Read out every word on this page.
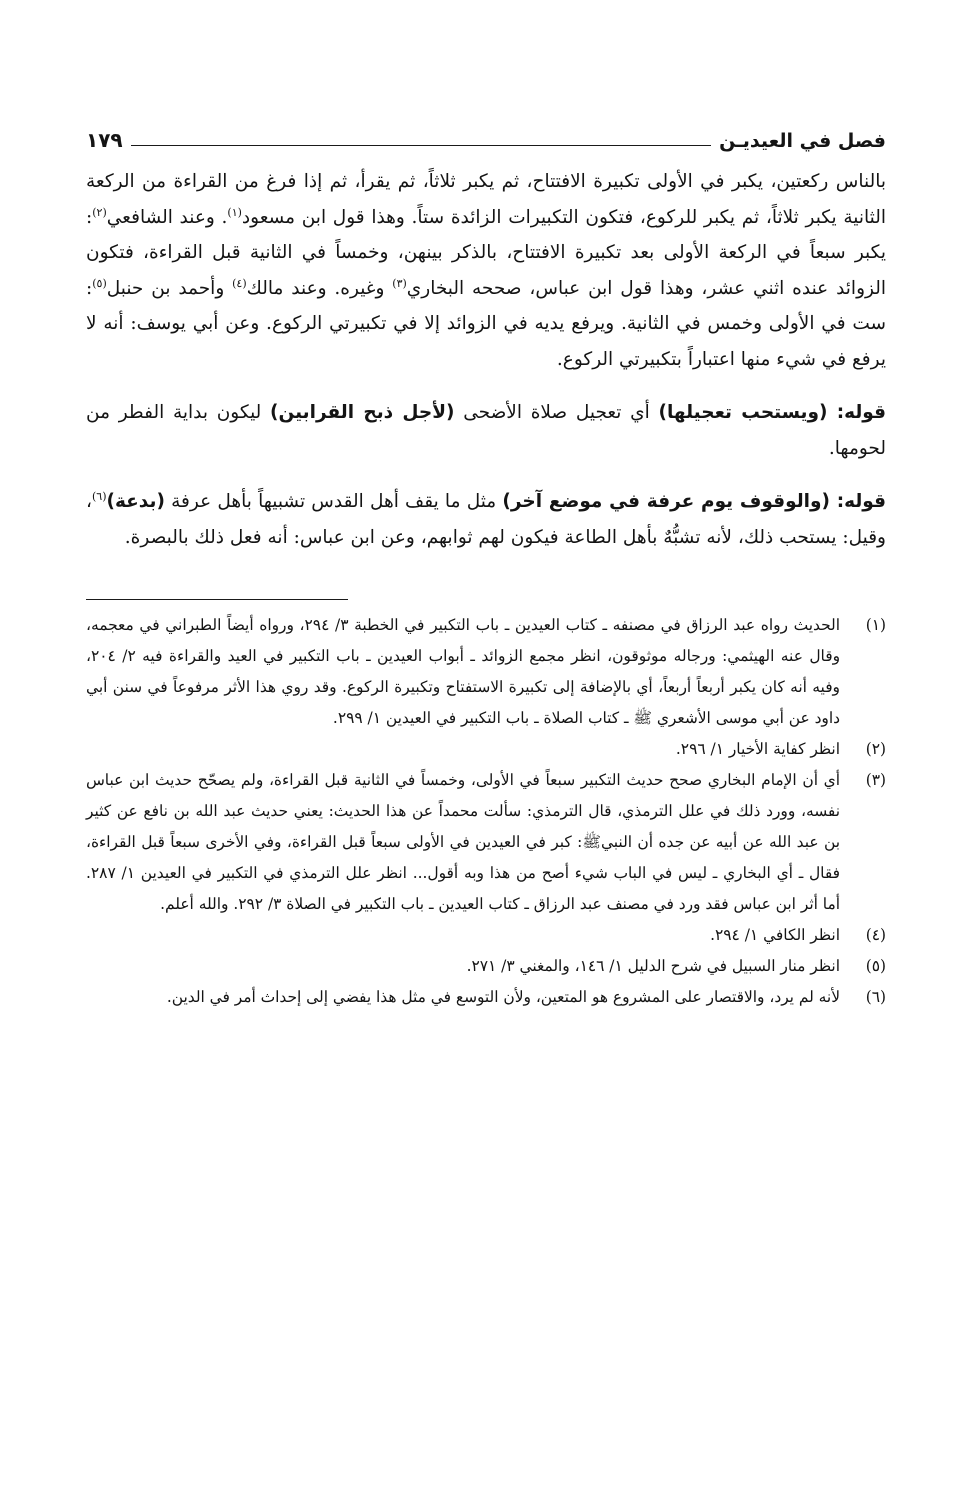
فصل في العيديـن
١٧٩

بالناس ركعتين، يكبر في الأولى تكبيرة الافتتاح، ثم يكبر ثلاثاً، ثم يقرأ، ثم إذا فرغ من القراءة من الركعة الثانية يكبر ثلاثاً، ثم يكبر للركوع، فتكون التكبيرات الزائدة ستاً. وهذا قول ابن مسعود$^{(١)}$. وعند الشافعي$^{(٢)}$: يكبر سبعاً في الركعة الأولى بعد تكبيرة الافتتاح، بالذكر بينهن، وخمساً في الثانية قبل القراءة، فتكون الزوائد عنده اثني عشر، وهذا قول ابن عباس، صححه البخاري$^{(٣)}$ وغيره. وعند مالك$^{(٤)}$ وأحمد بن حنبل$^{(٥)}$: ست في الأولى وخمس في الثانية. ويرفع يديه في الزوائد إلا في تكبيرتي الركوع. وعن أبي يوسف: أنه لا يرفع في شيء منها اعتباراً بتكبيرتي الركوع.

قوله: (ويستحب تعجيلها) أي تعجيل صلاة الأضحى (لأجل ذبح القرابين) ليكون بداية الفطر من لحومها.

قوله: (والوقوف يوم عرفة في موضع آخر) مثل ما يقف أهل القدس تشبيهاً بأهل عرفة (بدعة)$^{(٦)}$، وقيل: يستحب ذلك، لأنه تشبُّهٌ بأهل الطاعة فيكون لهم ثوابهم، وعن ابن عباس: أنه فعل ذلك بالبصرة.

(١)
الحديث رواه عبد الرزاق في مصنفه ـ كتاب العيدين ـ باب التكبير في الخطبة ٣/ ٢٩٤، ورواه أيضاً الطبراني في معجمه، وقال عنه الهيثمي: ورجاله موثوقون، انظر مجمع الزوائد ـ أبواب العيدين ـ باب التكبير في العيد والقراءة فيه ٢/ ٢٠٤، وفيه أنه كان يكبر أربعاً أربعاً، أي بالإضافة إلى تكبيرة الاستفتاح وتكبيرة الركوع. وقد روي هذا الأثر مرفوعاً في سنن أبي داود عن أبي موسى الأشعري ﷺ ـ كتاب الصلاة ـ باب التكبير في العيدين ١/ ٢٩٩.
(٢)
انظر كفاية الأخيار ١/ ٢٩٦.
(٣)
أي أن الإمام البخاري صحح حديث التكبير سبعاً في الأولى، وخمساً في الثانية قبل القراءة، ولم يصحّح حديث ابن عباس نفسه، وورد ذلك في علل الترمذي، قال الترمذي: سألت محمداً عن هذا الحديث: يعني حديث عبد الله بن نافع عن كثير بن عبد الله عن أبيه عن جده أن النبيﷺ: كبر في العيدين في الأولى سبعاً قبل القراءة، وفي الأخرى سبعاً قبل القراءة، فقال ـ أي البخاري ـ ليس في الباب شيء أصح من هذا وبه أقول... انظر علل الترمذي في التكبير في العيدين ١/ ٢٨٧. أما أثر ابن عباس فقد ورد في مصنف عبد الرزاق ـ كتاب العيدين ـ باب التكبير في الصلاة ٣/ ٢٩٢. والله أعلم.
(٤)
انظر الكافي ١/ ٢٩٤.
(٥)
انظر منار السبيل في شرح الدليل ١/ ١٤٦، والمغني ٣/ ٢٧١.
(٦)
لأنه لم يرد، والاقتصار على المشروع هو المتعين، ولأن التوسع في مثل هذا يفضي إلى إحداث أمر في الدين.
